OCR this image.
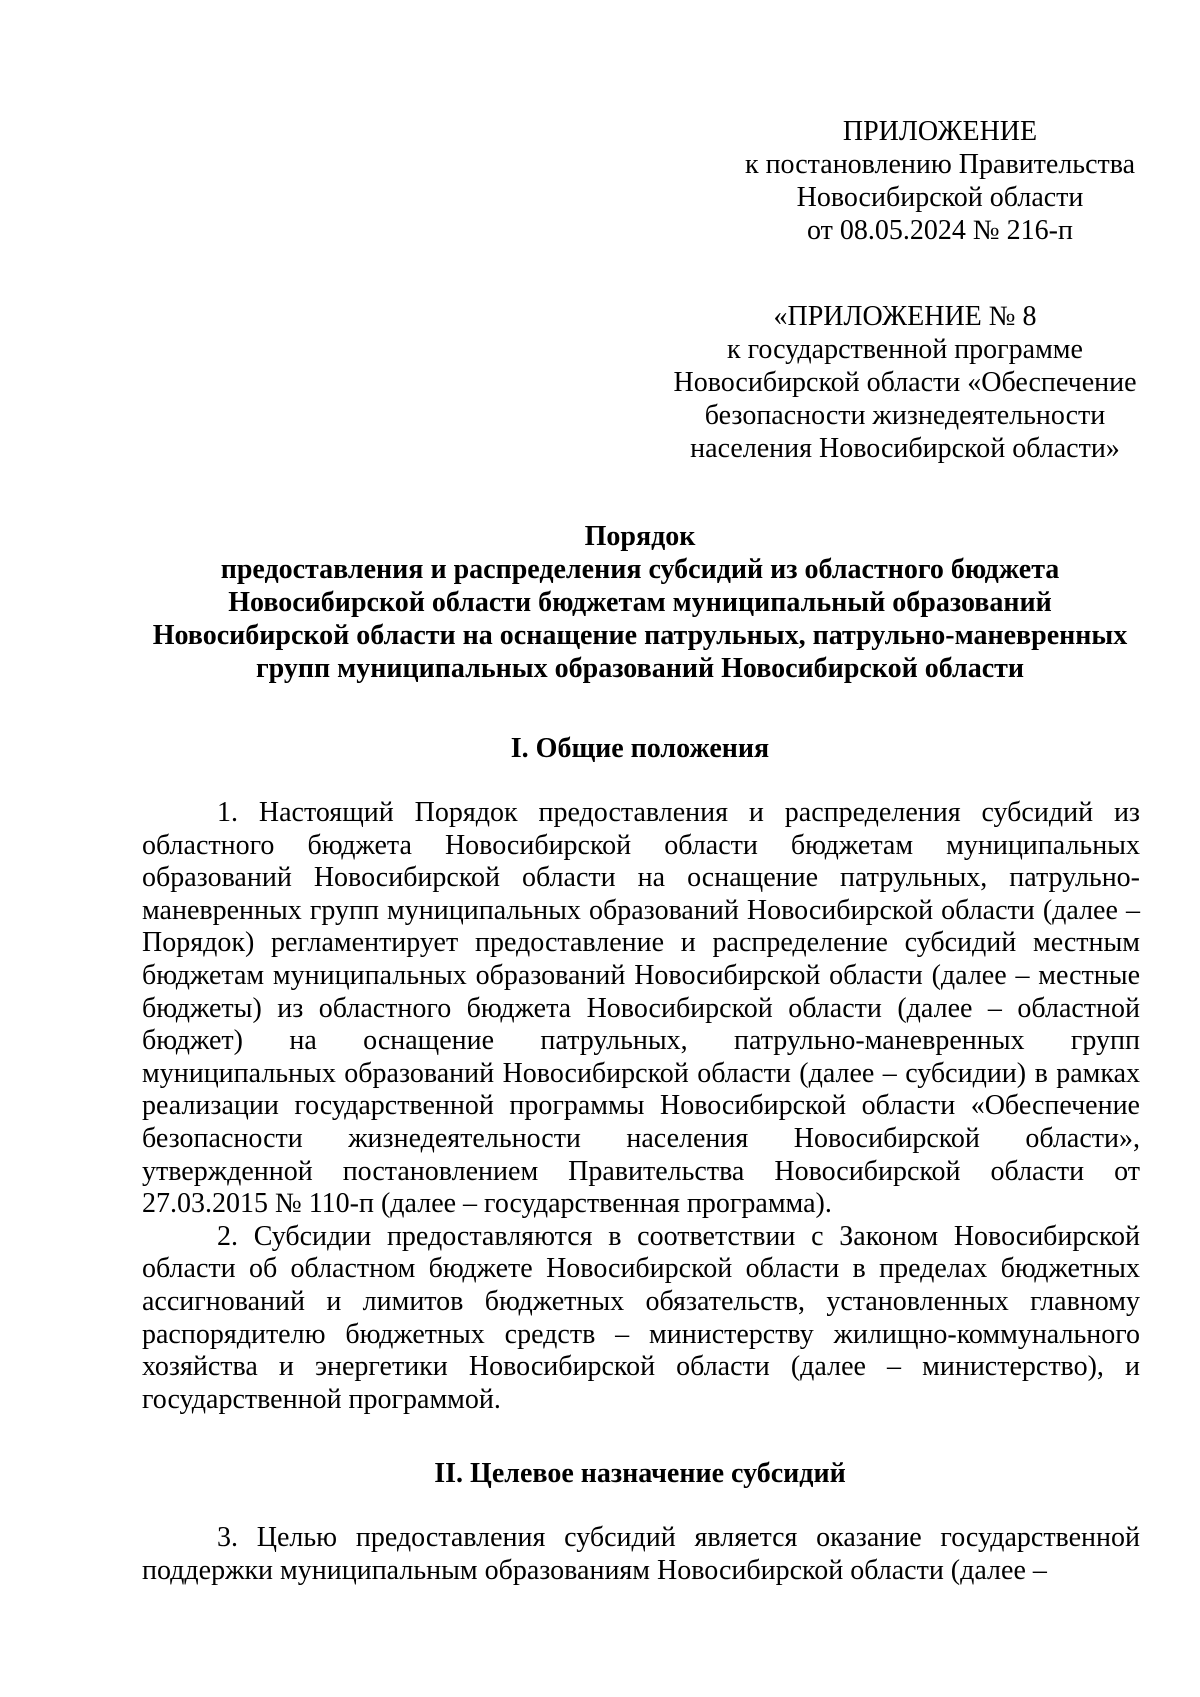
ПРИЛОЖЕНИЕ
к постановлению Правительства
Новосибирской области
от 08.05.2024 № 216-п
«ПРИЛОЖЕНИЕ № 8
к государственной программе
Новосибирской области «Обеспечение
безопасности жизнедеятельности
населения Новосибирской области»
Порядок
предоставления и распределения субсидий из областного бюджета
Новосибирской области бюджетам муниципальный образований
Новосибирской области на оснащение патрульных, патрульно-маневренных
групп муниципальных образований Новосибирской области
I. Общие положения

1. Настоящий Порядок предоставления и распределения субсидий из областного бюджета Новосибирской области бюджетам муниципальных образований Новосибирской области на оснащение патрульных, патрульно-маневренных групп муниципальных образований Новосибирской области (далее – Порядок) регламентирует предоставление и распределение субсидий местным бюджетам муниципальных образований Новосибирской области (далее – местные бюджеты) из областного бюджета Новосибирской области (далее – областной бюджет) на оснащение патрульных, патрульно-маневренных групп муниципальных образований Новосибирской области (далее – субсидии) в рамках реализации государственной программы Новосибирской области «Обеспечение безопасности жизнедеятельности населения Новосибирской области», утвержденной постановлением Правительства Новосибирской области от 27.03.2015 № 110-п (далее – государственная программа).

2. Субсидии предоставляются в соответствии с Законом Новосибирской области об областном бюджете Новосибирской области в пределах бюджетных ассигнований и лимитов бюджетных обязательств, установленных главному распорядителю бюджетных средств – министерству жилищно-коммунального хозяйства и энергетики Новосибирской области (далее – министерство), и государственной программой.

II. Целевое назначение субсидий

3. Целью предоставления субсидий является оказание государственной поддержки муниципальным образованиям Новосибирской области (далее –
